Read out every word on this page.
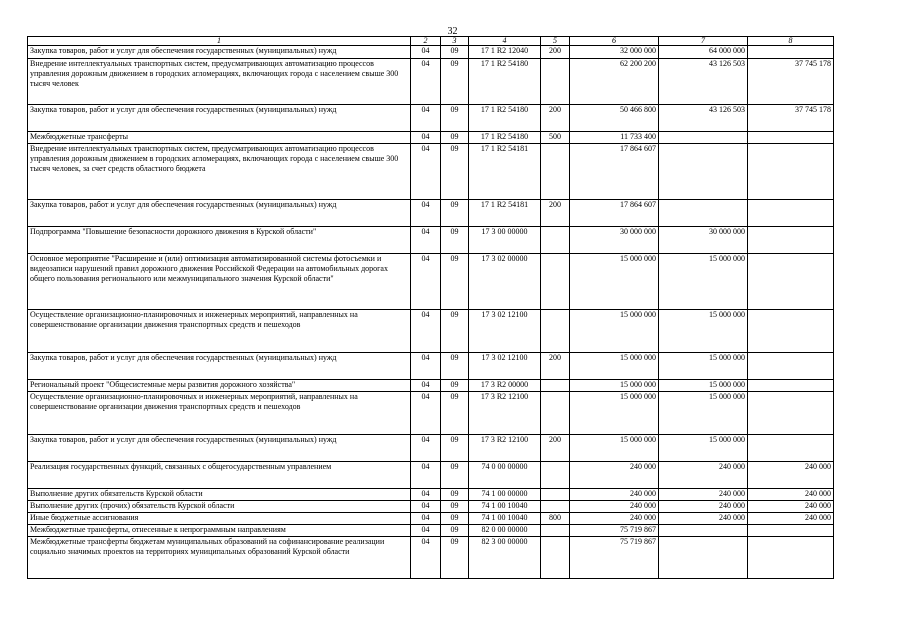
32
1	2	3	4	5	6	7	8
Закупка товаров, работ и услуг для обеспечения государственных (муниципальных) нужд	04	09	17 1 R2 12040	200	32 000 000	64 000 000	
Внедрение интеллектуальных транспортных систем, предусматривающих автоматизацию процессов управления дорожным движением в городских агломерациях, включающих города с населением свыше 300 тысяч человек	04	09	17 1 R2 54180		62 200 200	43 126 503	37 745 178
Закупка товаров, работ и услуг для обеспечения государственных (муниципальных) нужд	04	09	17 1 R2 54180	200	50 466 800	43 126 503	37 745 178
Межбюджетные трансферты	04	09	17 1 R2 54180	500	11 733 400		
Внедрение интеллектуальных транспортных систем, предусматривающих автоматизацию процессов управления дорожным движением в городских агломерациях, включающих города с населением свыше 300 тысяч человек, за счет средств областного бюджета	04	09	17 1 R2 54181		17 864 607		
Закупка товаров, работ и услуг для обеспечения государственных (муниципальных) нужд	04	09	17 1 R2 54181	200	17 864 607		
Подпрограмма "Повышение безопасности дорожного движения в Курской области"	04	09	17 3 00 00000		30 000 000	30 000 000	
Основное мероприятие "Расширение и (или) оптимизация автоматизированной системы фотосъемки и видеозаписи нарушений правил дорожного движения Российской Федерации на автомобильных дорогах общего пользования регионального или межмуниципального значения Курской области"	04	09	17 3 02 00000		15 000 000	15 000 000	
Осуществление организационно-планировочных и инженерных мероприятий, направленных на совершенствование организации движения транспортных средств и пешеходов	04	09	17 3 02 12100		15 000 000	15 000 000	
Закупка товаров, работ и услуг для обеспечения государственных (муниципальных) нужд	04	09	17 3 02 12100	200	15 000 000	15 000 000	
Региональный проект "Общесистемные меры развития дорожного хозяйства"	04	09	17 3 R2 00000		15 000 000	15 000 000	
Осуществление организационно-планировочных и инженерных мероприятий, направленных на совершенствование организации движения транспортных средств и пешеходов	04	09	17 3 R2 12100		15 000 000	15 000 000	
Закупка товаров, работ и услуг для обеспечения государственных (муниципальных) нужд	04	09	17 3 R2 12100	200	15 000 000	15 000 000	
Реализация государственных функций, связанных с общегосударственным управлением	04	09	74 0 00 00000		240 000	240 000	240 000
Выполнение других обязательств Курской области	04	09	74 1 00 00000		240 000	240 000	240 000
Выполнение других (прочих) обязательств Курской области	04	09	74 1 00 10040		240 000	240 000	240 000
Иные бюджетные ассигнования	04	09	74 1 00 10040	800	240 000	240 000	240 000
Межбюджетные трансферты, отнесенные к непрограммным направлениям	04	09	82 0 00 00000		75 719 867		
Межбюджетные трансферты бюджетам муниципальных образований на софинансирование реализации социально значимых проектов на территориях муниципальных образований Курской области	04	09	82 3 00 00000		75 719 867		
